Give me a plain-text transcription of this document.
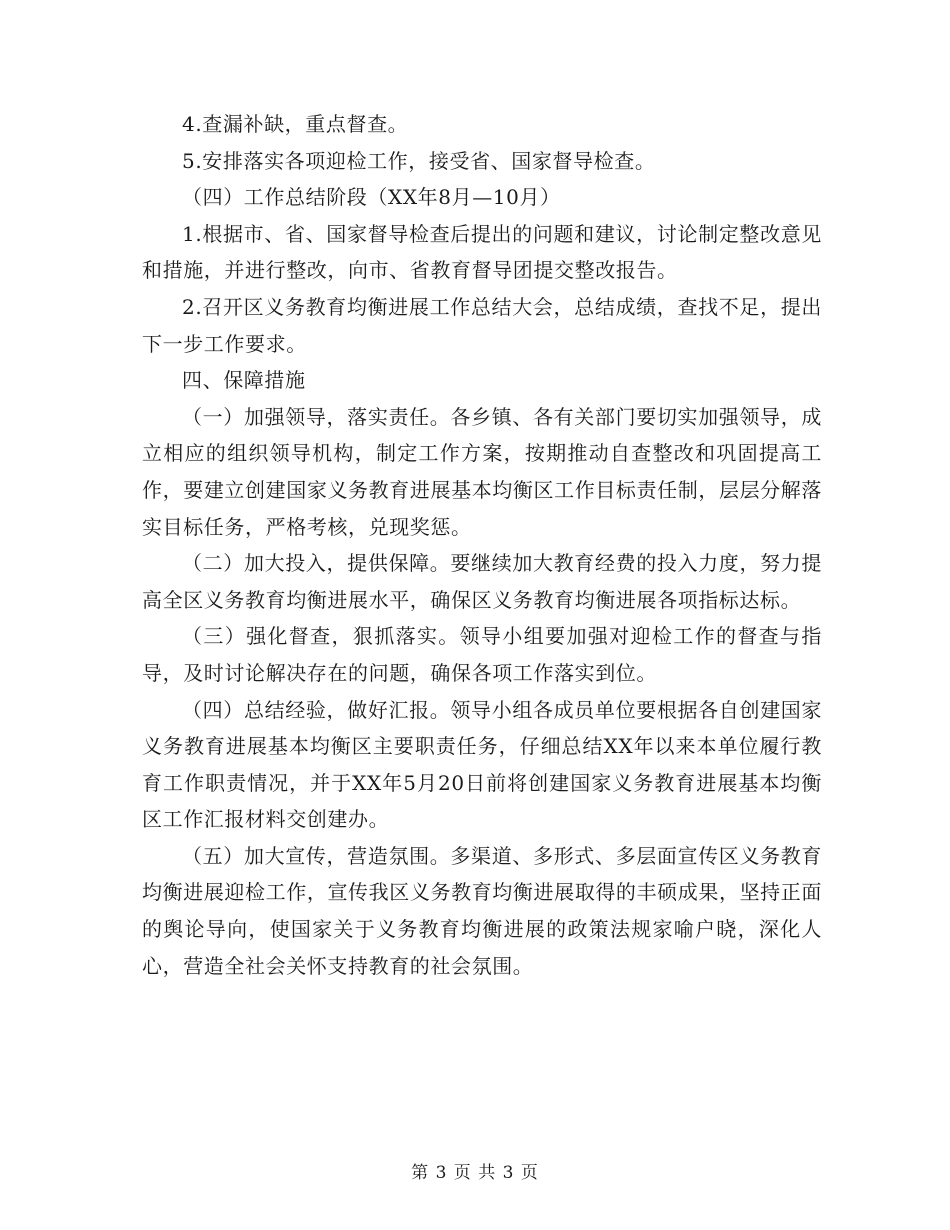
4.查漏补缺，重点督查。

5.安排落实各项迎检工作，接受省、国家督导检查。

（四）工作总结阶段（XX年8月—10月）

1.根据市、省、国家督导检查后提出的问题和建议，讨论制定整改意见和措施，并进行整改，向市、省教育督导团提交整改报告。

2.召开区义务教育均衡进展工作总结大会，总结成绩，查找不足，提出下一步工作要求。

四、保障措施

（一）加强领导，落实责任。各乡镇、各有关部门要切实加强领导，成立相应的组织领导机构，制定工作方案，按期推动自查整改和巩固提高工作，要建立创建国家义务教育进展基本均衡区工作目标责任制，层层分解落实目标任务，严格考核，兑现奖惩。

（二）加大投入，提供保障。要继续加大教育经费的投入力度，努力提高全区义务教育均衡进展水平，确保区义务教育均衡进展各项指标达标。

（三）强化督查，狠抓落实。领导小组要加强对迎检工作的督查与指导，及时讨论解决存在的问题，确保各项工作落实到位。

（四）总结经验，做好汇报。领导小组各成员单位要根据各自创建国家义务教育进展基本均衡区主要职责任务，仔细总结XX年以来本单位履行教育工作职责情况，并于XX年5月20日前将创建国家义务教育进展基本均衡区工作汇报材料交创建办。

（五）加大宣传，营造氛围。多渠道、多形式、多层面宣传区义务教育均衡进展迎检工作，宣传我区义务教育均衡进展取得的丰硕成果，坚持正面的舆论导向，使国家关于义务教育均衡进展的政策法规家喻户晓，深化人心，营造全社会关怀支持教育的社会氛围。

第 3 页 共 3 页
